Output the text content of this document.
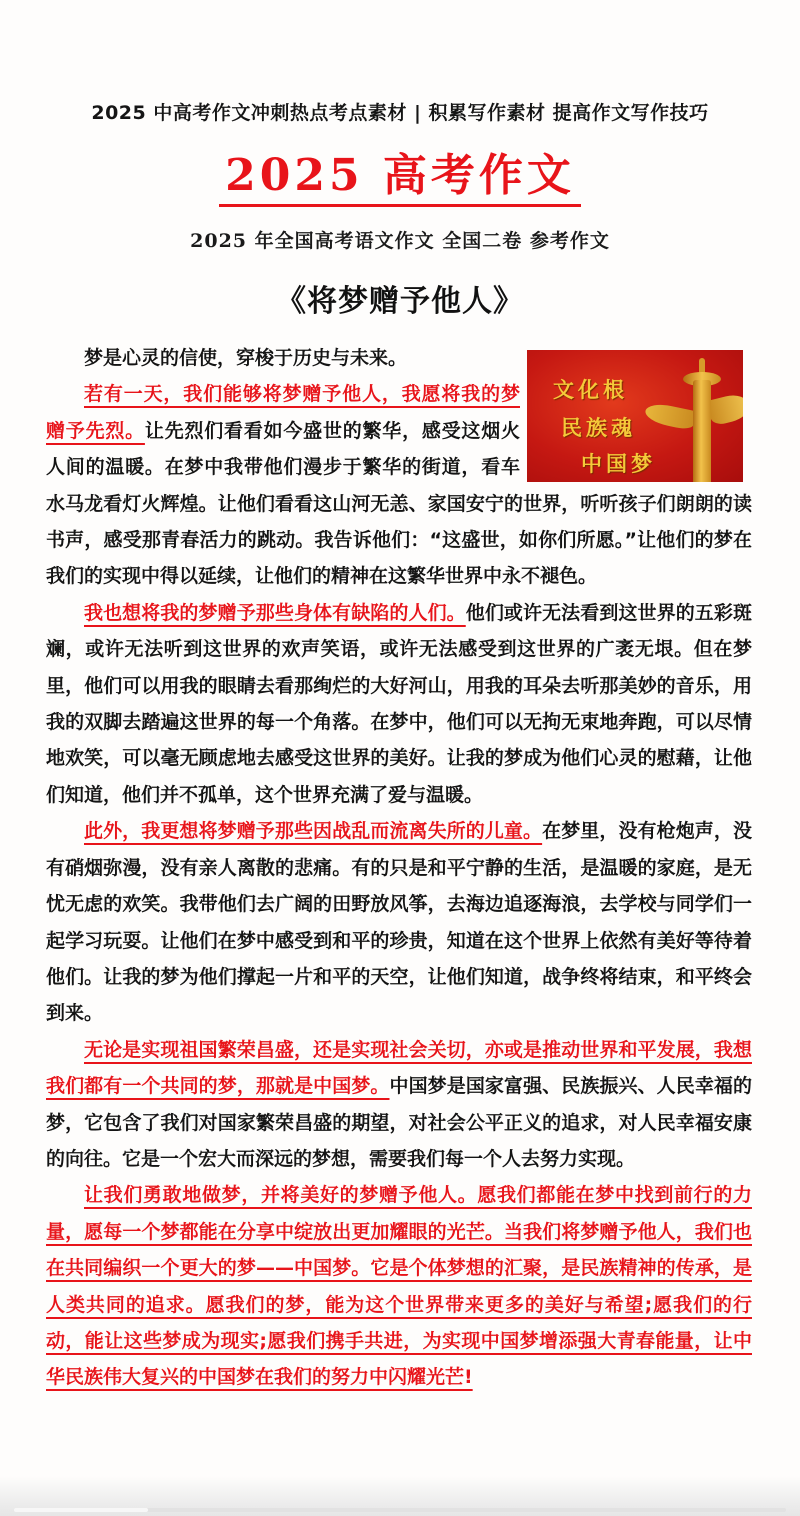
2025 中高考作文冲刺热点考点素材 | 积累写作素材 提高作文写作技巧
2025 高考作文
2025 年全国高考语文作文 全国二卷 参考作文
《将梦赠予他人》
文化根
民族魂
中国梦

梦是心灵的信使，穿梭于历史与未来。

若有一天，我们能够将梦赠予他人，我愿将我的梦赠予先烈。让先烈们看看如今盛世的繁华，感受这烟火人间的温暖。在梦中我带他们漫步于繁华的街道，看车水马龙看灯火辉煌。让他们看看这山河无恙、家国安宁的世界，听听孩子们朗朗的读书声，感受那青春活力的跳动。我告诉他们：“这盛世，如你们所愿。”让他们的梦在我们的实现中得以延续，让他们的精神在这繁华世界中永不褪色。

我也想将我的梦赠予那些身体有缺陷的人们。他们或许无法看到这世界的五彩斑斓，或许无法听到这世界的欢声笑语，或许无法感受到这世界的广袤无垠。但在梦里，他们可以用我的眼睛去看那绚烂的大好河山，用我的耳朵去听那美妙的音乐，用我的双脚去踏遍这世界的每一个角落。在梦中，他们可以无拘无束地奔跑，可以尽情地欢笑，可以毫无顾虑地去感受这世界的美好。让我的梦成为他们心灵的慰藉，让他们知道，他们并不孤单，这个世界充满了爱与温暖。

此外，我更想将梦赠予那些因战乱而流离失所的儿童。在梦里，没有枪炮声，没有硝烟弥漫，没有亲人离散的悲痛。有的只是和平宁静的生活，是温暖的家庭，是无忧无虑的欢笑。我带他们去广阔的田野放风筝，去海边追逐海浪，去学校与同学们一起学习玩耍。让他们在梦中感受到和平的珍贵，知道在这个世界上依然有美好等待着他们。让我的梦为他们撑起一片和平的天空，让他们知道，战争终将结束，和平终会到来。

无论是实现祖国繁荣昌盛，还是实现社会关切，亦或是推动世界和平发展，我想我们都有一个共同的梦，那就是中国梦。中国梦是国家富强、民族振兴、人民幸福的梦，它包含了我们对国家繁荣昌盛的期望，对社会公平正义的追求，对人民幸福安康的向往。它是一个宏大而深远的梦想，需要我们每一个人去努力实现。

让我们勇敢地做梦，并将美好的梦赠予他人。愿我们都能在梦中找到前行的力量，愿每一个梦都能在分享中绽放出更加耀眼的光芒。当我们将梦赠予他人，我们也在共同编织一个更大的梦——中国梦。它是个体梦想的汇聚，是民族精神的传承，是人类共同的追求。愿我们的梦，能为这个世界带来更多的美好与希望;愿我们的行动，能让这些梦成为现实;愿我们携手共进，为实现中国梦增添强大青春能量，让中华民族伟大复兴的中国梦在我们的努力中闪耀光芒!
